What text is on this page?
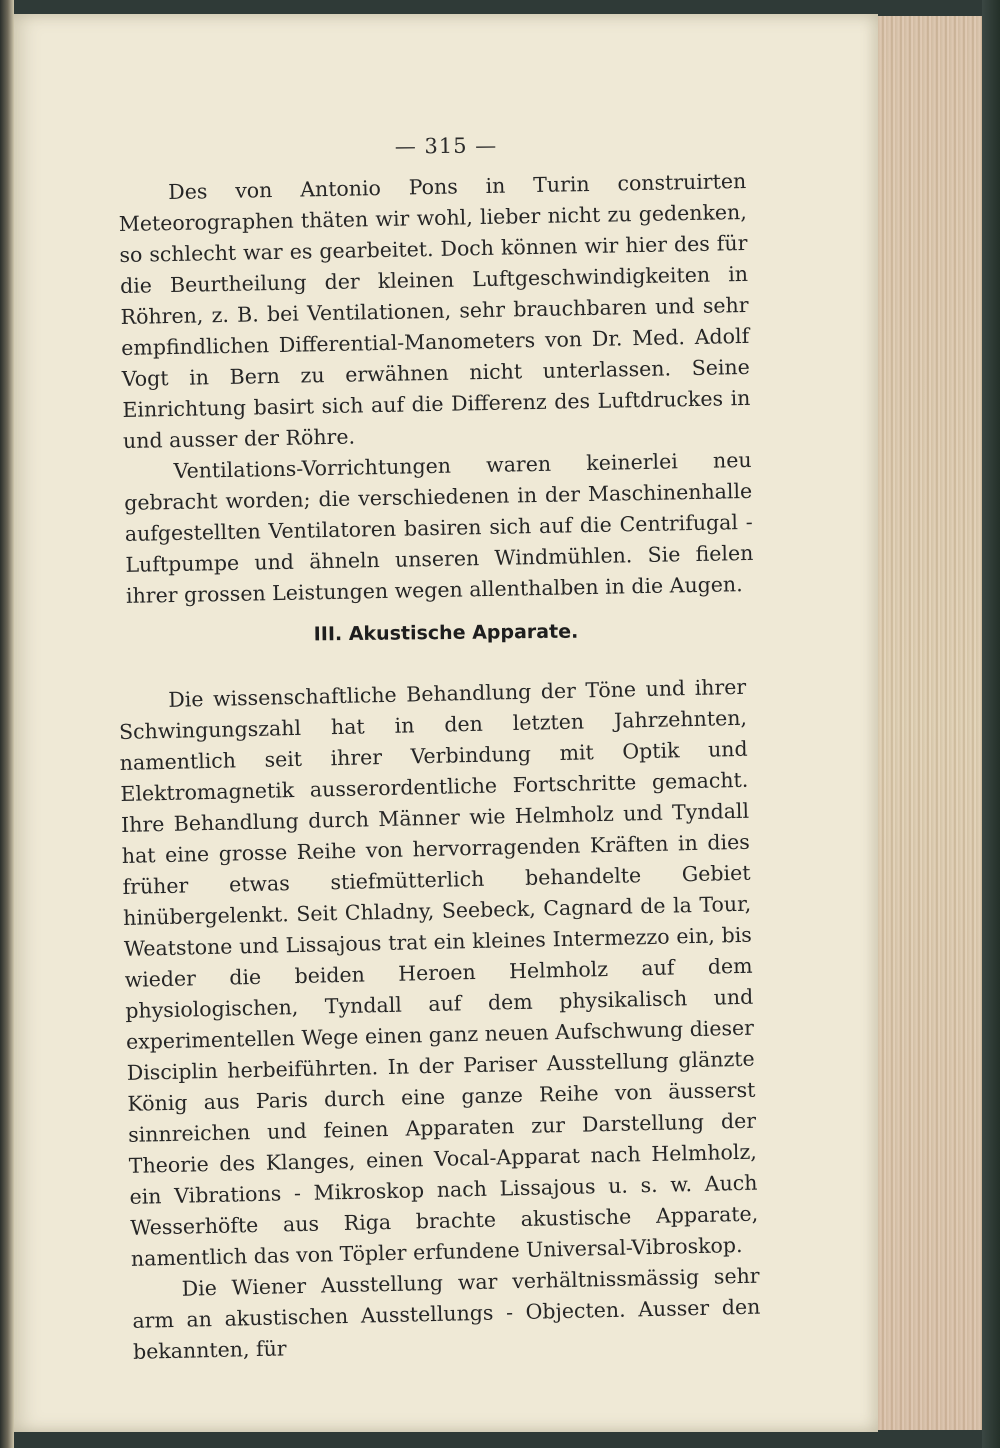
— 315 —

Des von Antonio Pons in Turin construirten Meteorographen thäten wir wohl, lieber nicht zu gedenken, so schlecht war es gearbeitet. Doch können wir hier des für die Beurtheilung der kleinen Luftgeschwindigkeiten in Röhren, z. B. bei Ventilationen, sehr brauchbaren und sehr empfindlichen Differential-Manometers von Dr. Med. Adolf Vogt in Bern zu erwähnen nicht unterlassen. Seine Einrichtung basirt sich auf die Differenz des Luftdruckes in und ausser der Röhre.

Ventilations-Vorrichtungen waren keinerlei neu gebracht worden; die verschiedenen in der Maschinenhalle aufgestellten Ventilatoren basiren sich auf die Centrifugal - Luftpumpe und ähneln unseren Windmühlen. Sie fielen ihrer grossen Leistungen wegen allenthalben in die Augen.

III. Akustische Apparate.

Die wissenschaftliche Behandlung der Töne und ihrer Schwingungszahl hat in den letzten Jahrzehnten, namentlich seit ihrer Verbindung mit Optik und Elektromagnetik ausserordentliche Fortschritte gemacht. Ihre Behandlung durch Männer wie Helmholz und Tyndall hat eine grosse Reihe von hervorragenden Kräften in dies früher etwas stiefmütterlich behandelte Gebiet hinübergelenkt. Seit Chladny, Seebeck, Cagnard de la Tour, Weatstone und Lissajous trat ein kleines Intermezzo ein, bis wieder die beiden Heroen Helmholz auf dem physiologischen, Tyndall auf dem physikalisch und experimentellen Wege einen ganz neuen Aufschwung dieser Disciplin herbeiführten. In der Pariser Ausstellung glänzte König aus Paris durch eine ganze Reihe von äusserst sinnreichen und feinen Apparaten zur Darstellung der Theorie des Klanges, einen Vocal-Apparat nach Helmholz, ein Vibrations - Mikroskop nach Lissajous u. s. w. Auch Wesserhöfte aus Riga brachte akustische Apparate, namentlich das von Töpler erfundene Universal-Vibroskop.

Die Wiener Ausstellung war verhältnissmässig sehr arm an akustischen Ausstellungs - Objecten. Ausser den bekannten, für
